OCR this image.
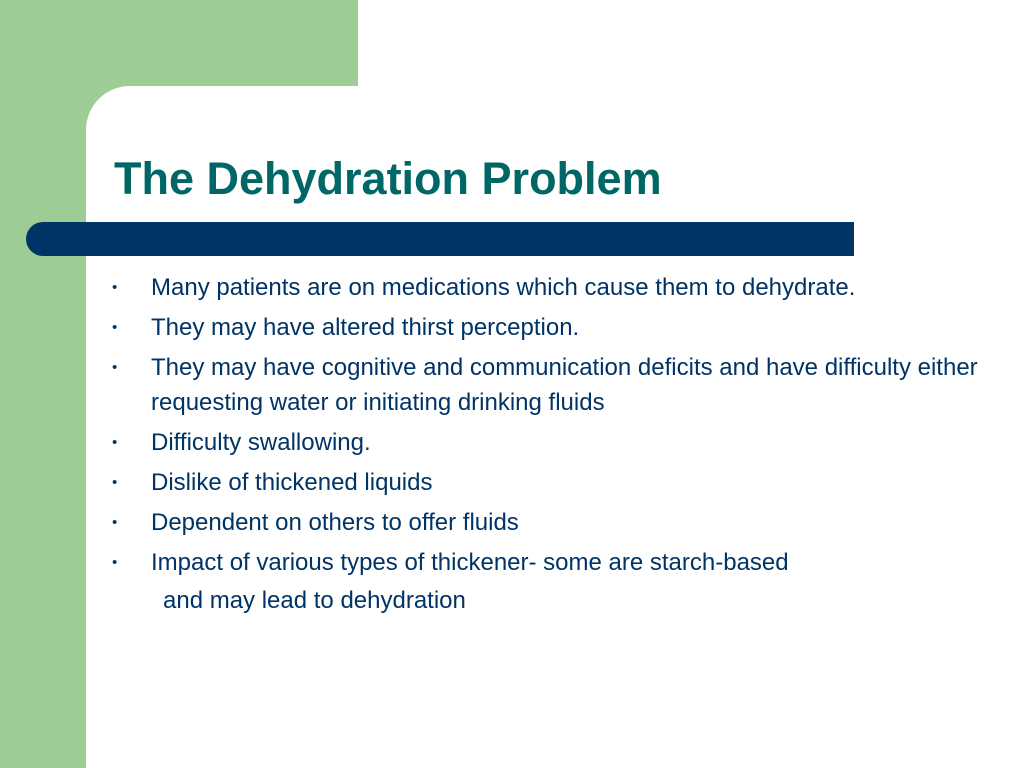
The Dehydration Problem
• Many patients are on medications which cause them to dehydrate.
• They may have altered thirst perception.
• They may have cognitive and communication deficits and have difficulty either requesting water or initiating drinking fluids
• Difficulty swallowing.
• Dislike of thickened liquids
• Dependent on others to offer fluids
• Impact of various types of thickener- some are starch-based
and may lead to dehydration
